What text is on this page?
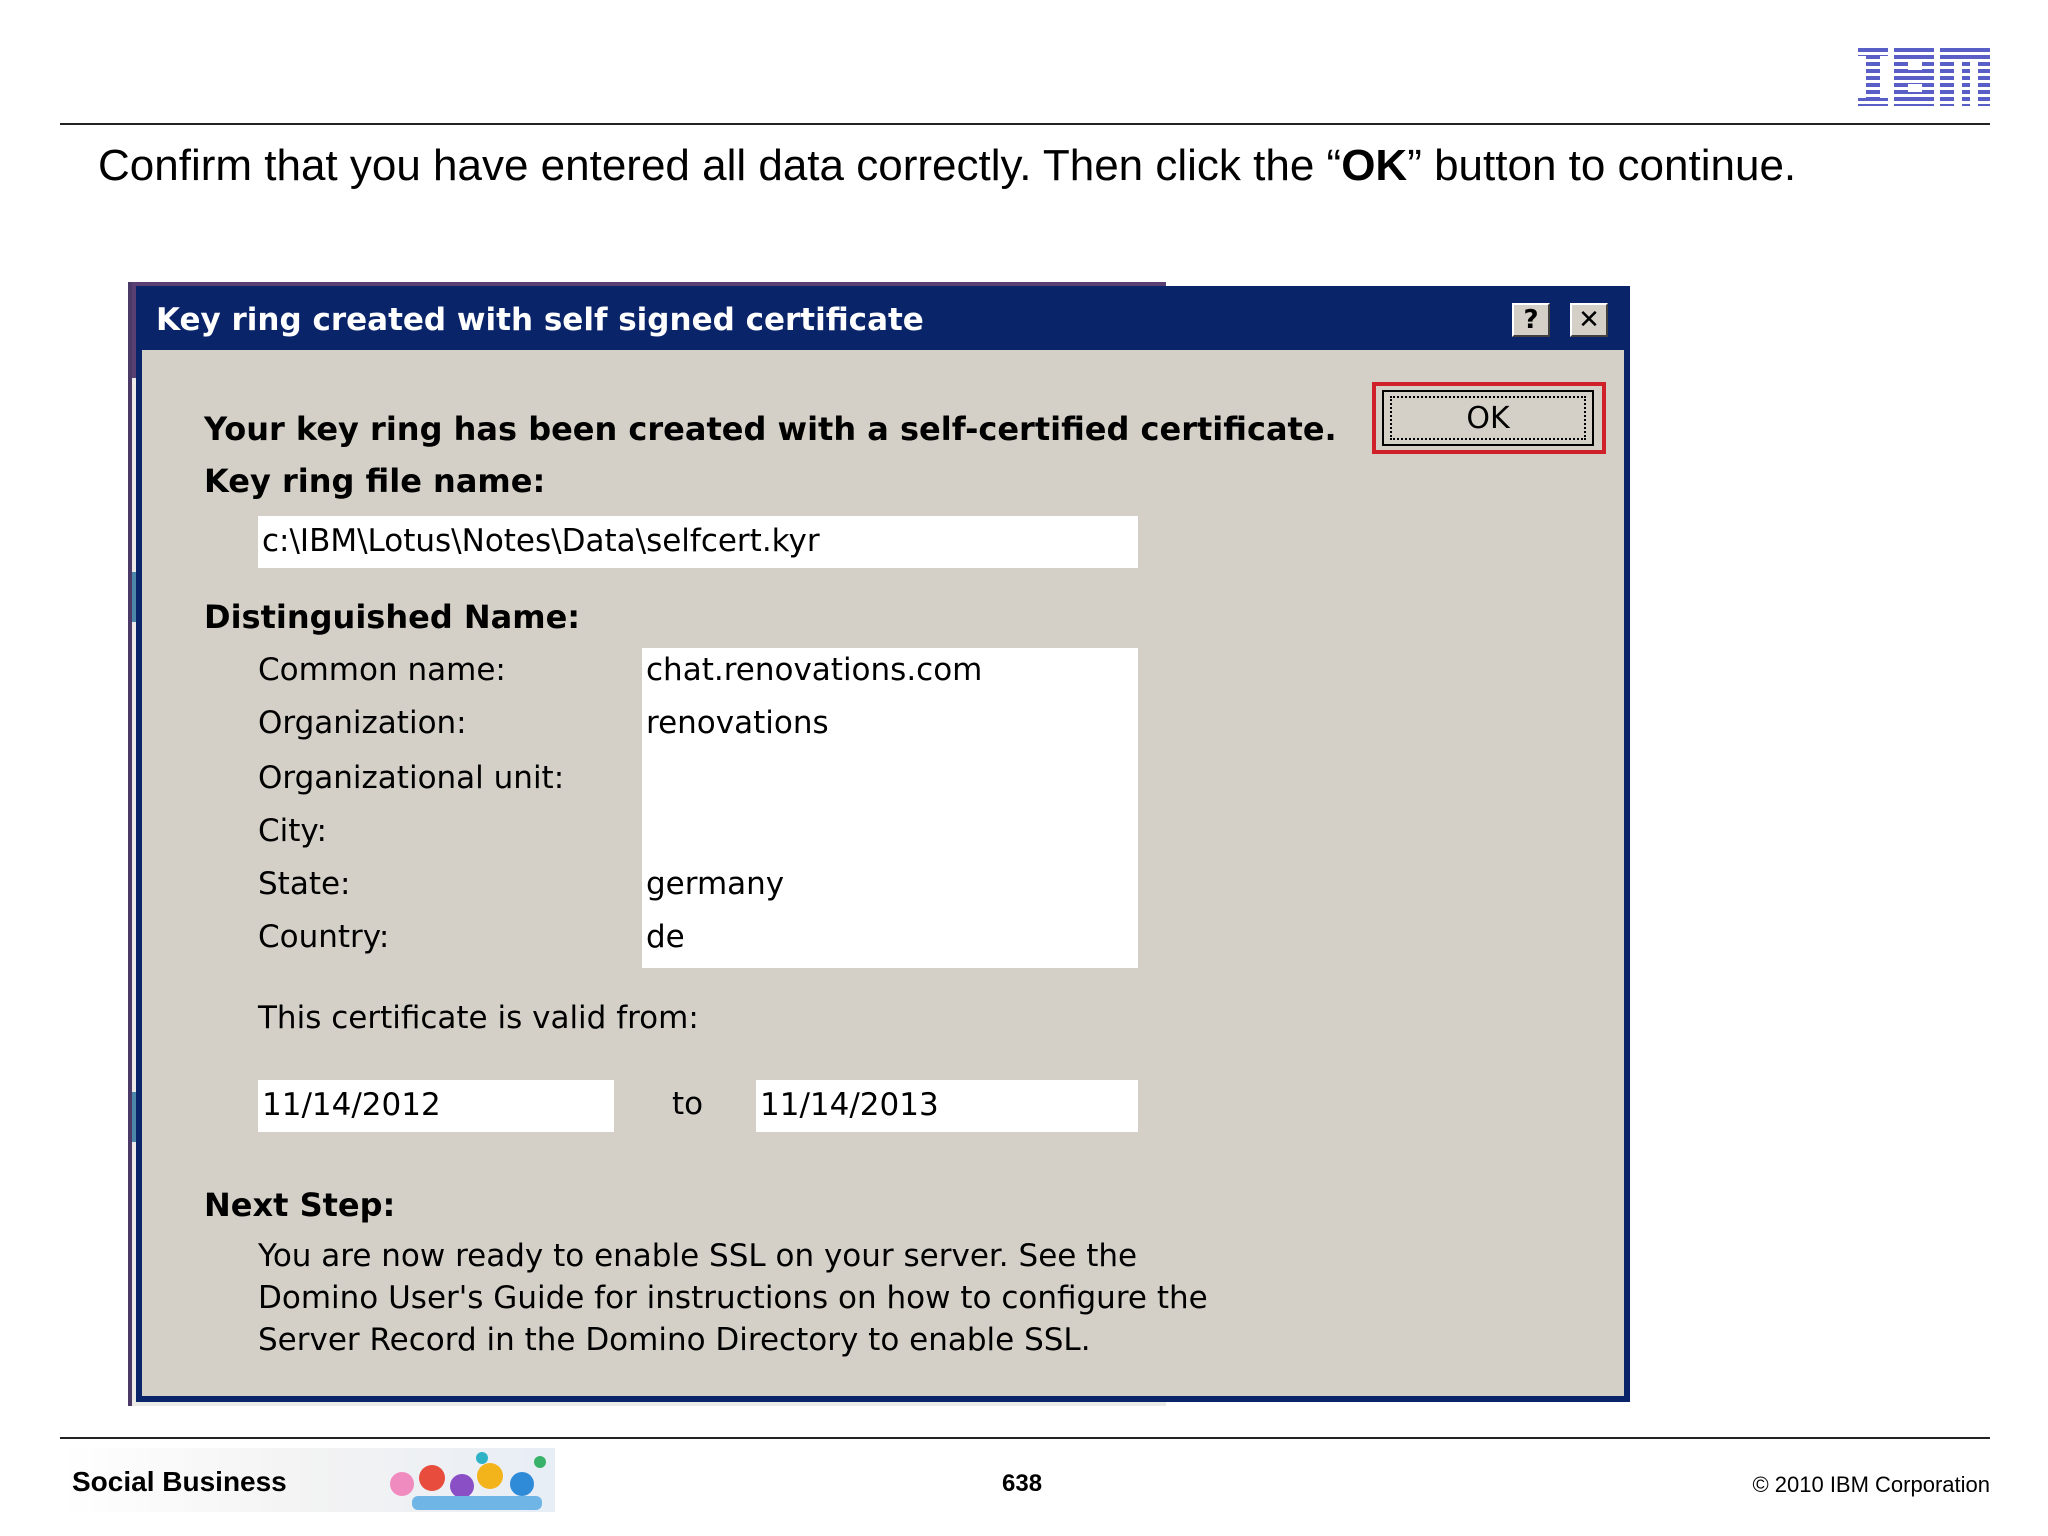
Confirm that you have entered all data correctly. Then click the “OK” button to continue.
Key ring created with self signed certificate	?	✕
OK
Your key ring has been created with a self-certified certificate.
Key ring file name:
c:\IBM\Lotus\Notes\Data\selfcert.kyr
Distinguished Name:
Common name:	chat.renovations.com
Organization:	renovations
Organizational unit:
City:
State:	germany
Country:	de
This certificate is valid from:
11/14/2012	to 11/14/2013
Next Step:
You are now ready to enable SSL on your server. See the
Domino User's Guide for instructions on how to configure the
Server Record in the Domino Directory to enable SSL.
Social Business	638	© 2010 IBM Corporation
